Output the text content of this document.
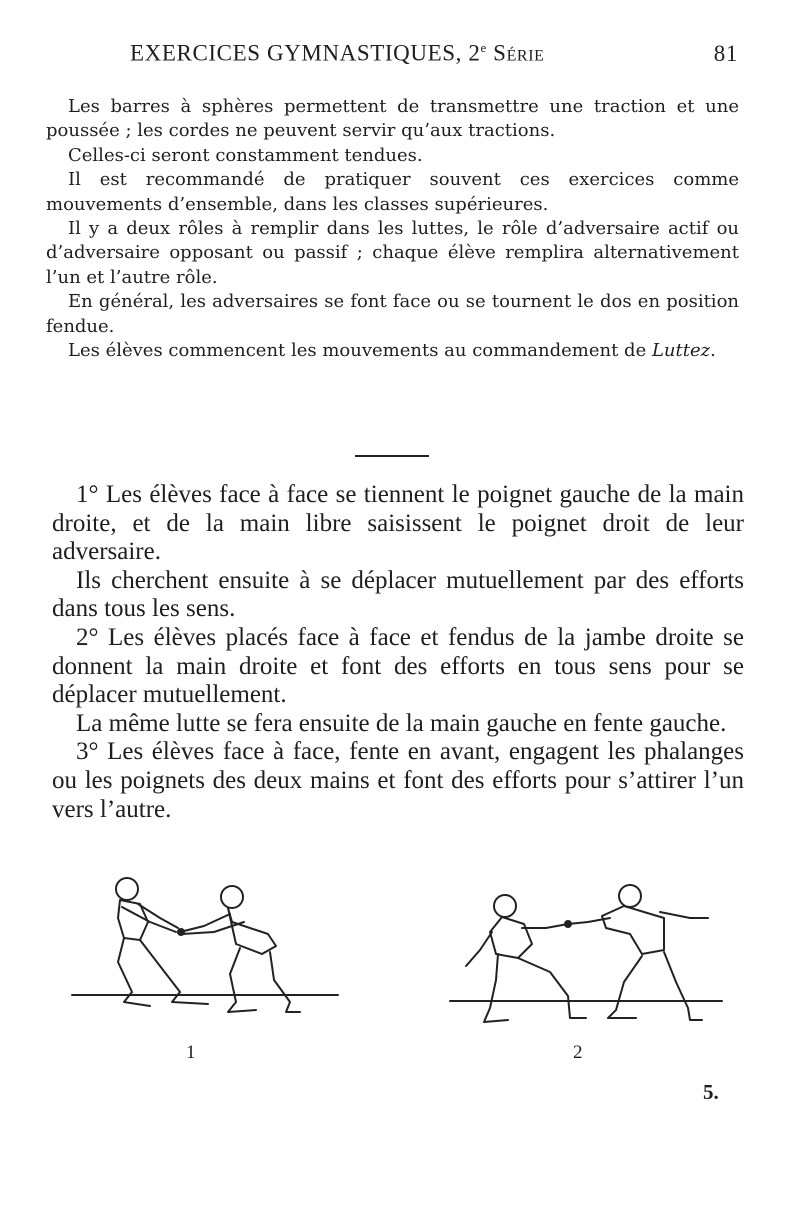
EXERCICES GYMNASTIQUES, 2e Série	81

Les barres à sphères permettent de transmettre une traction et une poussée ; les cordes ne peuvent servir qu’aux tractions.

Celles-ci seront constamment tendues.

Il est recommandé de pratiquer souvent ces exercices comme mouvements d’ensemble, dans les classes supérieures.

Il y a deux rôles à remplir dans les luttes, le rôle d’adversaire actif ou d’adversaire opposant ou passif ; chaque élève remplira alternativement l’un et l’autre rôle.

En général, les adversaires se font face ou se tournent le dos en position fendue.

Les élèves commencent les mouvements au commandement de Luttez.

1° Les élèves face à face se tiennent le poignet gauche de la main droite, et de la main libre saisissent le poignet droit de leur adversaire.

Ils cherchent ensuite à se déplacer mutuellement par des efforts dans tous les sens.

2° Les élèves placés face à face et fendus de la jambe droite se donnent la main droite et font des efforts en tous sens pour se déplacer mutuellement.

La même lutte se fera ensuite de la main gauche en fente gauche.

3° Les élèves face à face, fente en avant, engagent les phalanges ou les poignets des deux mains et font des efforts pour s’attirer l’un vers l’autre.

1	2
5.
